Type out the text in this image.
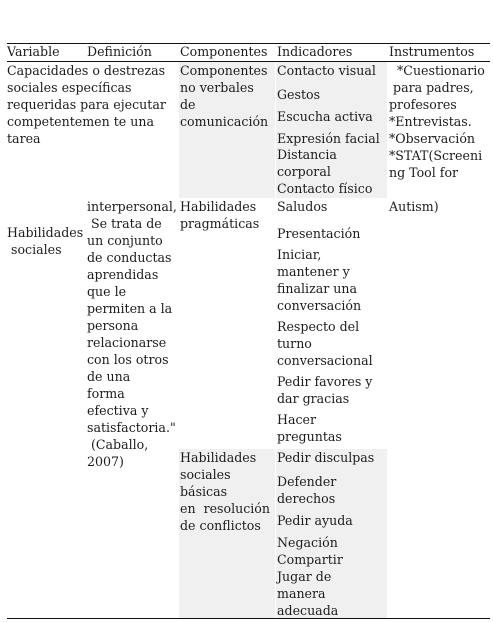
Variable Definición Componentes Indicadores	Instrumentos
Capacidades o destrezas
sociales específicas
requeridas para ejecutar
competentemen te una
tarea
Habilidades
sociales
interpersonal,
Se trata de
un conjunto
de conductas
aprendidas
que le
permiten a la
persona
relacionarse
con los otros
de una
forma
efectiva y
satisfactoria."
(Caballo,
2007)
Componentes
no verbales
de
comunicación
Habilidades
pragmáticas
Habilidades
sociales
básicas
en  resolución
de conflictos
Contacto visual
Gestos
Escucha activa
Expresión facial
Distancia
corporal
Contacto físico
Saludos
Presentación
Iniciar,
mantener y
finalizar una
conversación
Respecto del
turno
conversacional
Pedir favores y
dar gracias
Hacer
preguntas
Pedir disculpas
Defender
derechos
Pedir ayuda
Negación
Compartir
Jugar de
manera
adecuada
*Cuestionario
para padres,
profesores
*Entrevistas.
*Observación
*STAT(Screeni
ng Tool for
Autism)
